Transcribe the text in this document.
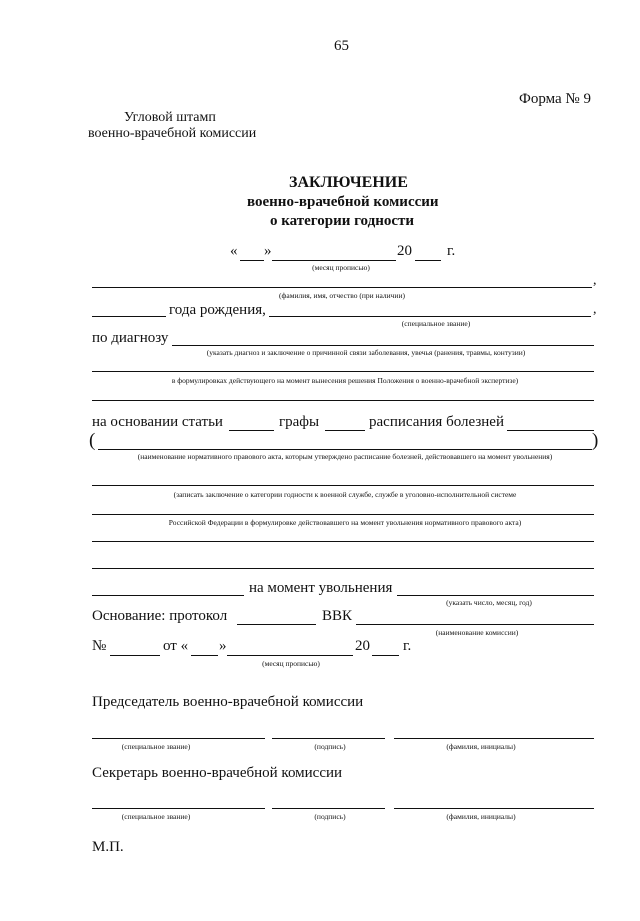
65
Форма № 9
Угловой штамп
военно-врачебной комиссии
ЗАКЛЮЧЕНИЕ
военно-врачебной комиссии
о категории годности
« »	20 г.
(месяц прописью)
,
(фамилия, имя, отчество (при наличии)
года рождения,	,
(специальное звание)
по диагнозу
(указать диагноз и заключение о причинной связи заболевания, увечья (ранения, травмы, контузии)
в формулировках действующего на момент вынесения решения Положения о военно-врачебной экспертизе)
на основании статьи	графы	расписания болезней
(	)
(наименование нормативного правового акта, которым утверждено расписание болезней, действовавшего на момент увольнения)
(записать заключение о категории годности к военной службе, службе в уголовно-исполнительной системе
Российской Федерации в формулировке действовавшего на момент увольнения нормативного правового акта)
на момент увольнения
(указать число, месяц, год)
Основание: протокол	ВВК
(наименование комиссии)
№	от « »	20 г.
(месяц прописью)
Председатель военно-врачебной комиссии
(специальное звание)	(подпись)	(фамилия, инициалы)
Секретарь военно-врачебной комиссии
(специальное звание)	(подпись)	(фамилия, инициалы)
М.П.
